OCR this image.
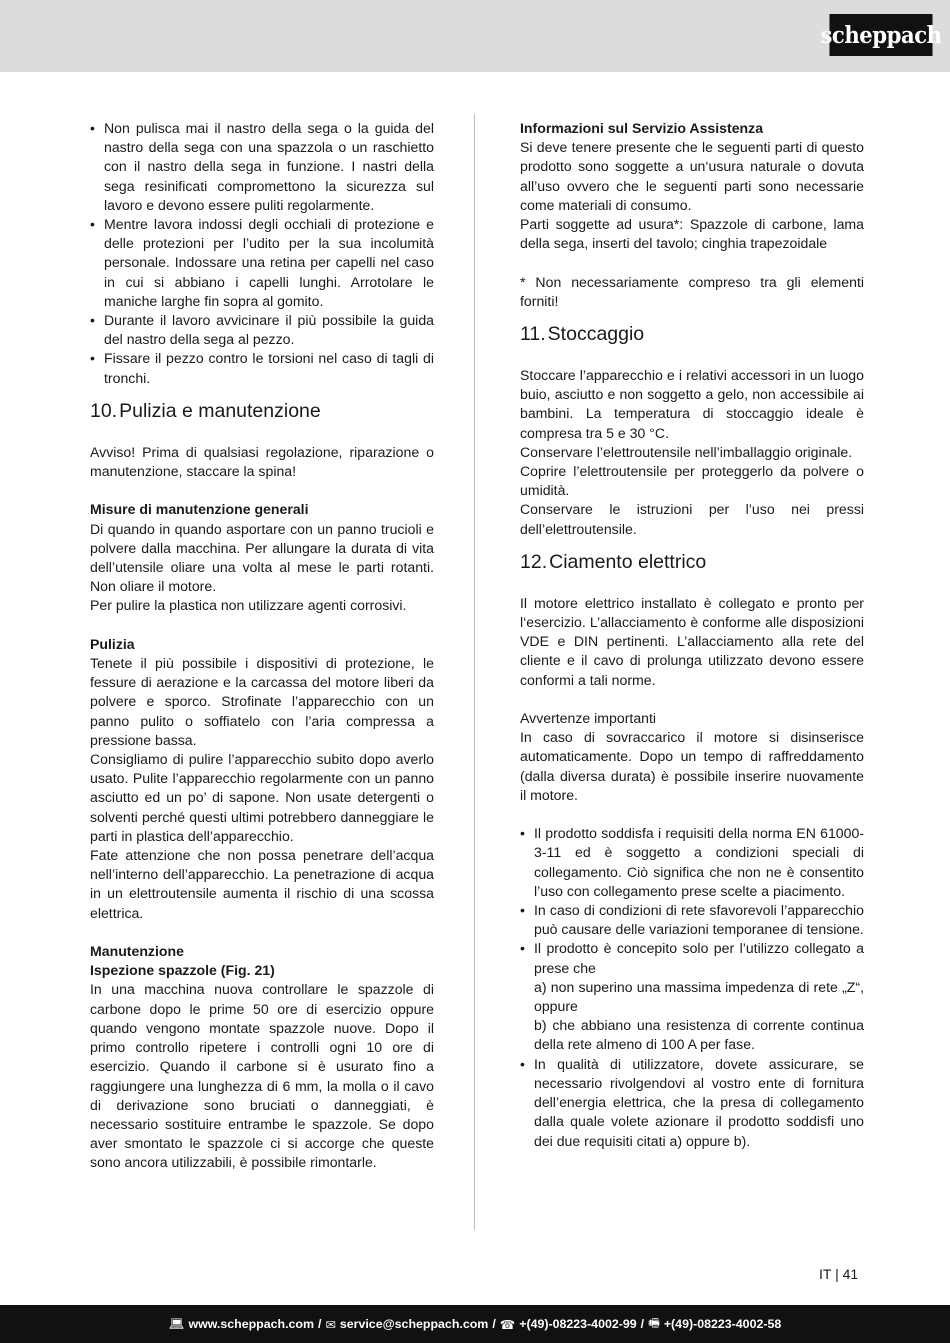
scheppach
• Non pulisca mai il nastro della sega o la guida del nastro della sega con una spazzola o un raschietto con il nastro della sega in funzione. I nastri della sega resinificati compromettono la sicurezza sul lavoro e devono essere puliti regolarmente.
• Mentre lavora indossi degli occhiali di protezione e delle protezioni per l’udito per la sua incolumità personale. Indossare una retina per capelli nel caso in cui si abbiano i capelli lunghi. Arrotolare le maniche larghe fin sopra al gomito.
• Durante il lavoro avvicinare il più possibile la guida del nastro della sega al pezzo.
• Fissare il pezzo contro le torsioni nel caso di tagli di tronchi.
10. Pulizia e manutenzione

Avviso! Prima di qualsiasi regolazione, riparazione o manutenzione, staccare la spina!

Misure di manutenzione generali

Di quando in quando asportare con un panno trucioli e polvere dalla macchina. Per allungare la durata di vita dell’utensile oliare una volta al mese le parti rotanti. Non oliare il motore.

Per pulire la plastica non utilizzare agenti corrosivi.

Pulizia

Tenete il più possibile i dispositivi di protezione, le fessure di aerazione e la carcassa del motore liberi da polvere e sporco. Strofinate l’apparecchio con un panno pulito o soffiatelo con l’aria compressa a pressione bassa.

Consigliamo di pulire l’apparecchio subito dopo averlo usato. Pulite l’apparecchio regolarmente con un panno asciutto ed un po’ di sapone. Non usate detergenti o solventi perché questi ultimi potrebbero danneggiare le parti in plastica dell’apparecchio.

Fate attenzione che non possa penetrare dell’acqua nell’interno dell’apparecchio. La penetrazione di acqua in un elettroutensile aumenta il rischio di una scossa elettrica.

Manutenzione

Ispezione spazzole (Fig. 21)

In una macchina nuova controllare le spazzole di carbone dopo le prime 50 ore di esercizio oppure quando vengono montate spazzole nuove. Dopo il primo controllo ripetere i controlli ogni 10 ore di esercizio. Quando il carbone si è usurato fino a raggiungere una lunghezza di 6 mm, la molla o il cavo di derivazione sono bruciati o danneggiati, è necessario sostituire entrambe le spazzole. Se dopo aver smontato le spazzole ci si accorge che queste sono ancora utilizzabili, è possibile rimontarle.

Informazioni sul Servizio Assistenza

Si deve tenere presente che le seguenti parti di questo prodotto sono soggette a un‘usura naturale o dovuta all’uso ovvero che le seguenti parti sono necessarie come materiali di consumo.

Parti soggette ad usura*: Spazzole di carbone, lama della sega, inserti del tavolo; cinghia trapezoidale

* Non necessariamente compreso tra gli elementi forniti!

11. Stoccaggio

Stoccare l’apparecchio e i relativi accessori in un luogo buio, asciutto e non soggetto a gelo, non accessibile ai bambini. La temperatura di stoccaggio ideale è compresa tra 5 e 30 °C.

Conservare l’elettroutensile nell’imballaggio originale.

Coprire l’elettroutensile per proteggerlo da polvere o umidità.

Conservare le istruzioni per l’uso nei pressi dell’elettroutensile.

12. Ciamento elettrico

Il motore elettrico installato è collegato e pronto per l‘esercizio. L’allacciamento è conforme alle disposizioni VDE e DIN pertinenti. L’allacciamento alla rete del cliente e il cavo di prolunga utilizzato devono essere conformi a tali norme.

Avvertenze importanti

In caso di sovraccarico il motore si disinserisce automaticamente. Dopo un tempo di raffreddamento (dalla diversa durata) è possibile inserire nuovamente il motore.

• Il prodotto soddisfa i requisiti della norma EN 61000-3-11 ed è soggetto a condizioni speciali di collegamento. Ciò significa che non ne è consentito l’uso con collegamento prese scelte a piacimento.
• In caso di condizioni di rete sfavorevoli l’apparecchio può causare delle variazioni temporanee di tensione.
• Il prodotto è concepito solo per l’utilizzo collegato a prese che
a) non superino una massima impedenza di rete „Z“, oppure
b) che abbiano una resistenza di corrente continua della rete almeno di 100 A per fase.
• In qualità di utilizzatore, dovete assicurare, se necessario rivolgendovi al vostro ente di fornitura dell’energia elettrica, che la presa di collegamento dalla quale volete azionare il prodotto soddisfi uno dei due requisiti citati a) oppure b).
IT | 41
💻︎ www.scheppach.com / ✉︎ service@scheppach.com / ☎︎ +(49)-08223-4002-99 / 🖷︎ +(49)-08223-4002-58
